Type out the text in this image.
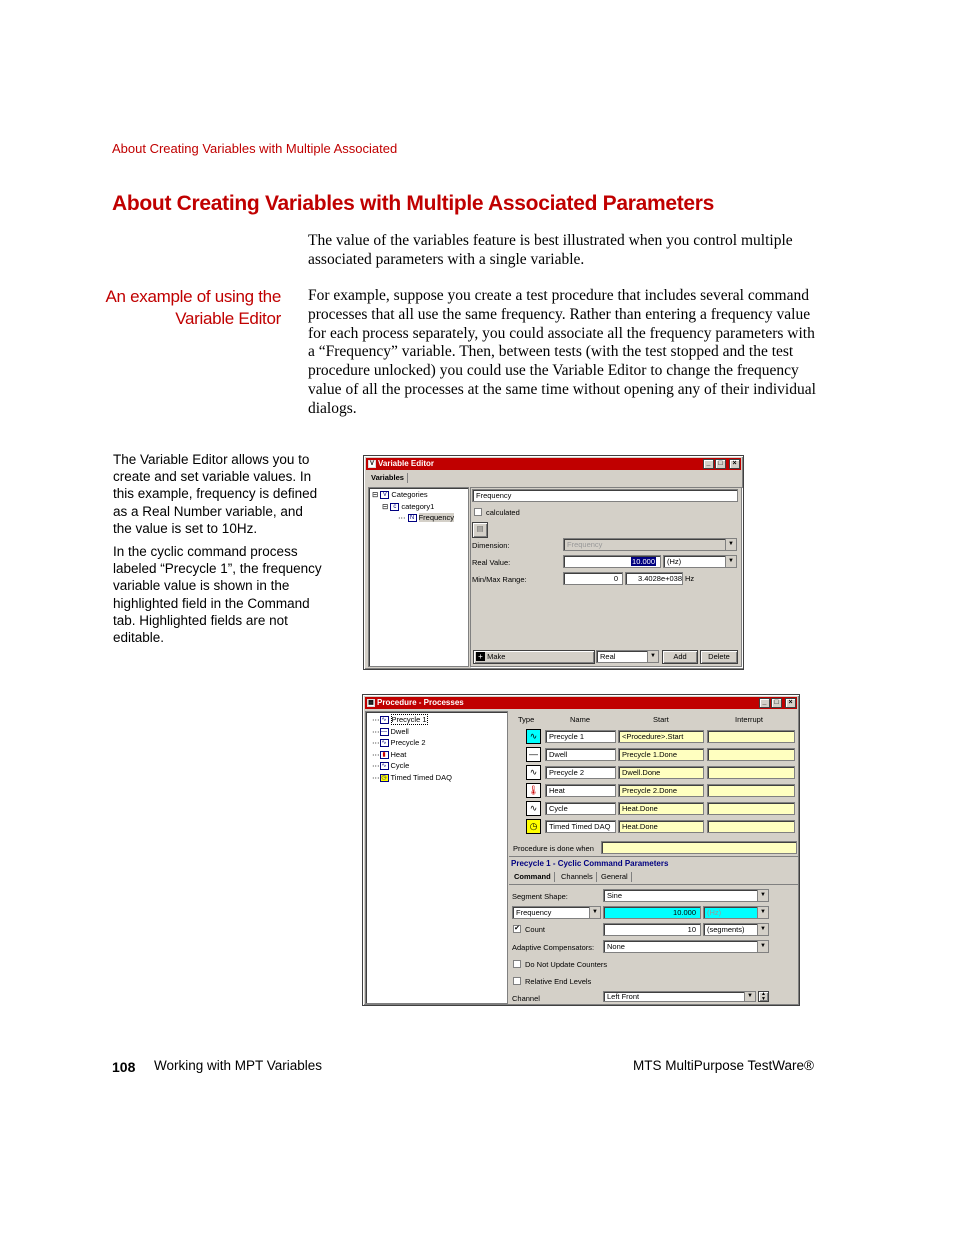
About Creating Variables with Multiple Associated
About Creating Variables with Multiple Associated Parameters
The value of the variables feature is best illustrated when you control multiple associated parameters with a single variable.
An example of using the Variable Editor
For example, suppose you create a test procedure that includes several command processes that all use the same frequency. Rather than entering a frequency value for each process separately, you could associate all the frequency parameters with a “Frequency” variable. Then, between tests (with the test stopped and the test procedure unlocked) you could use the Variable Editor to change the frequency value of all the processes at the same time without opening any of their individual dialogs.
The Variable Editor allows you to create and set variable values. In this example, frequency is defined as a Real Number variable, and the value is set to 10Hz.
In the cyclic command process labeled “Precycle 1”, the frequency variable value is shown in the highlighted field in the Command tab. Highlighted fields are not editable.
V Variable Editor	_	□	×
Variables
⊟ V Categories
⊟ c category1
⋯ N Frequency
Frequency
calculated
▤
Dimension:	Frequency	▼
Real Value:	10.000	(Hz)	▼
Min/Max Range:	0	3.4028e+038 Hz
+ Make	Real	▼	Add	Delete
▦ Procedure - Processes	_	□	×
⋯ ∿ Precycle 1
⋯ — Dwell
⋯ ∿ Precycle 2
⋯ ▮ Heat
⋯ ∿ Cycle
⋯ ◷ Timed Timed DAQ
Type	Name	Start	Interrupt
∿	Precycle 1	<Procedure>.Start
—	Dwell	Precycle 1.Done
∿	Precycle 2	Dwell.Done
🌡	Heat	Precycle 2.Done
∿	Cycle	Heat.Done
◷	Timed Timed DAQ	Heat.Done
Procedure is done when
Precycle 1 - Cyclic Command Parameters
Command	Channels	General
Segment Shape:	Sine	▼
Frequency	▼	10.000	(Hz)	▼
✔ Count	10	(segments)	▼
Adaptive Compensators:	None	▼
Do Not Update Counters
Relative End Levels
Channel	Left Front	▼	▲
▼
108 Working with MPT Variables	MTS MultiPurpose TestWare®
